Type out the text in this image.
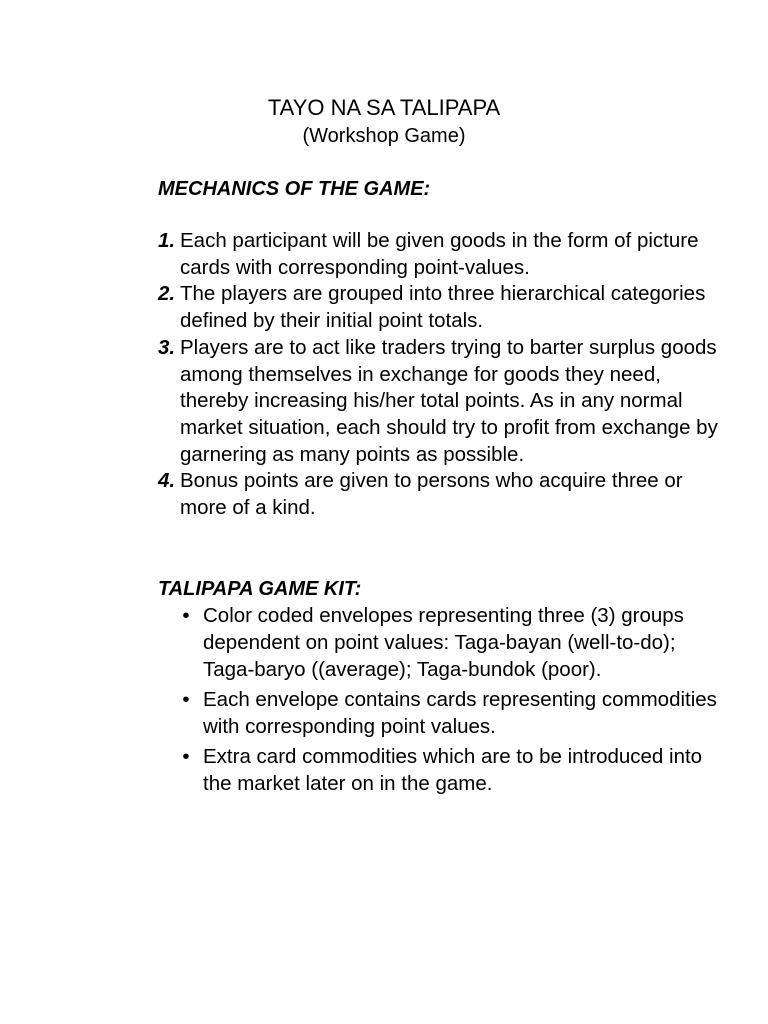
TAYO NA SA TALIPAPA
(Workshop Game)
MECHANICS OF THE GAME:
1. Each participant will be given goods in the form of picture cards with corresponding point-values.
2. The players are grouped into three hierarchical categories defined by their initial point totals.
3. Players are to act like traders trying to barter surplus goods among themselves in exchange for goods they need, thereby increasing his/her total points. As in any normal market situation, each should try to profit from exchange by garnering as many points as possible.
4. Bonus points are given to persons who acquire three or more of a kind.
TALIPAPA GAME KIT:
• Color coded envelopes representing three (3) groups dependent on point values: Taga-bayan (well-to-do); Taga-baryo ((average); Taga-bundok (poor).
• Each envelope contains cards representing commodities with corresponding point values.
• Extra card commodities which are to be introduced into the market later on in the game.
